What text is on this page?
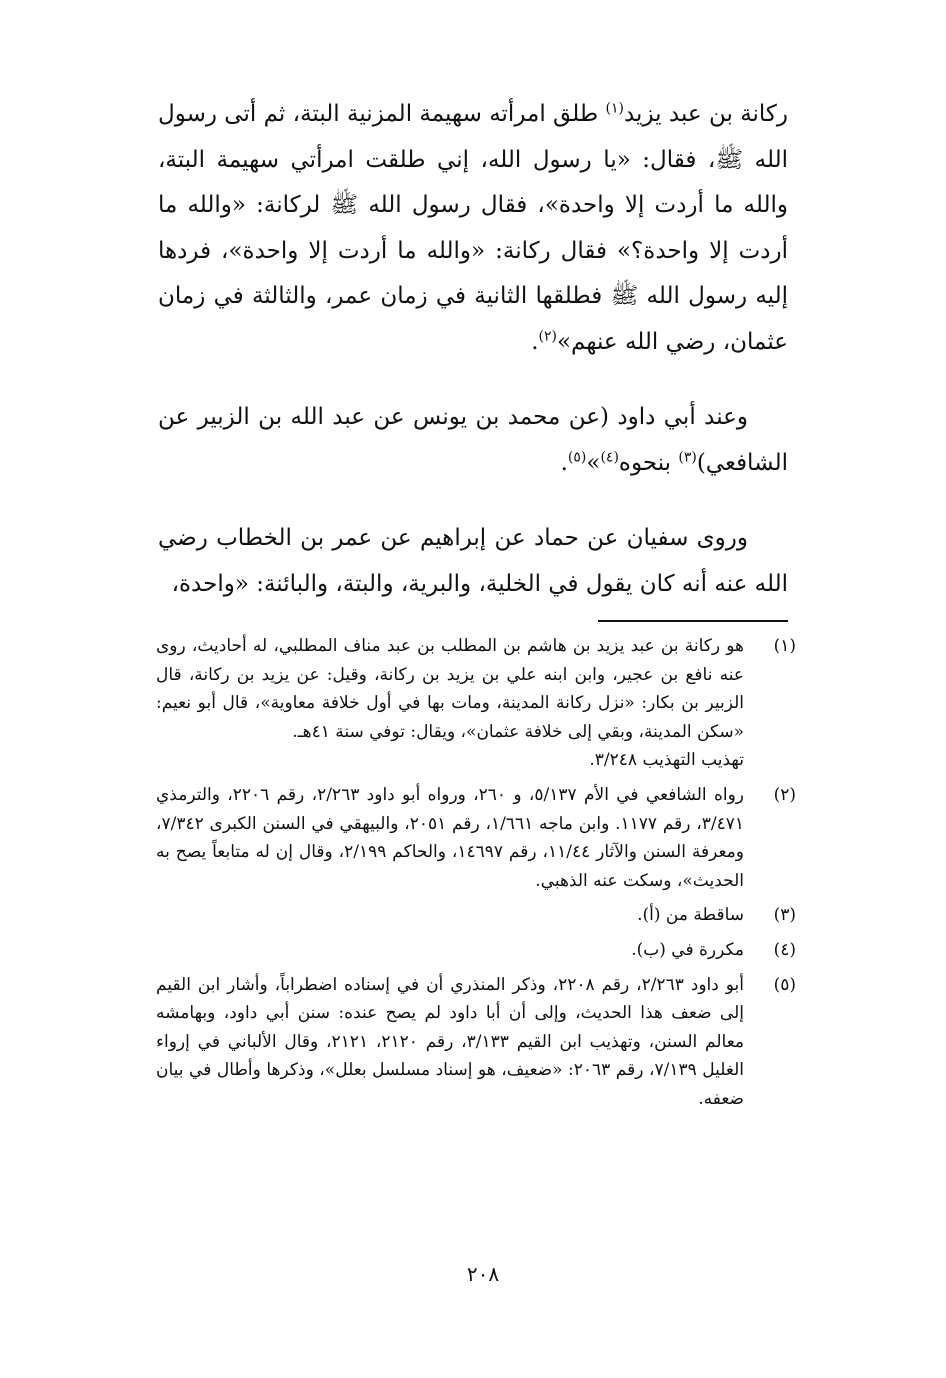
ركانة بن عبد يزيد$^{(١)}$ طلق امرأته سهيمة المزنية البتة، ثم أتى رسول الله ﷺ، فقال: «يا رسول الله، إني طلقت امرأتي سهيمة البتة، والله ما أردت إلا واحدة»، فقال رسول الله ﷺ لركانة: «والله ما أردت إلا واحدة؟» فقال ركانة: «والله ما أردت إلا واحدة»، فردها إليه رسول الله ﷺ فطلقها الثانية في زمان عمر، والثالثة في زمان عثمان، رضي الله عنهم»$^{(٢)}$.

وعند أبي داود (عن محمد بن يونس عن عبد الله بن الزبير عن الشافعي)$^{(٣)}$ بنحوه$^{(٤)}$»$^{(٥)}$.

وروى سفيان عن حماد عن إبراهيم عن عمر بن الخطاب رضي الله عنه أنه كان يقول في الخلية، والبرية، والبتة، والبائنة: «واحدة،

(١)
هو ركانة بن عبد يزيد بن هاشم بن المطلب بن عبد مناف المطلبي، له أحاديث، روى عنه نافع بن عجير، وابن ابنه علي بن يزيد بن ركانة، وقيل: عن يزيد بن ركانة، قال الزبير بن بكار: «نزل ركانة المدينة، ومات بها في أول خلافة معاوية»، قال أبو نعيم: «سكن المدينة، وبقي إلى خلافة عثمان»، ويقال: توفي سنة ٤١هـ.
تهذيب التهذيب ٣/٢٤٨.
(٢)
رواه الشافعي في الأم ٥/١٣٧، و ٢٦٠، ورواه أبو داود ٢/٢٦٣، رقم ٢٢٠٦، والترمذي ٣/٤٧١، رقم ١١٧٧. وابن ماجه ١/٦٦١، رقم ٢٠٥١، والبيهقي في السنن الكبرى ٧/٣٤٢، ومعرفة السنن والآثار ١١/٤٤، رقم ١٤٦٩٧، والحاكم ٢/١٩٩، وقال إن له متابعاً يصح به الحديث»، وسكت عنه الذهبي.
(٣)
ساقطة من (أ).
(٤)
مكررة في (ب).
(٥)
أبو داود ٢/٢٦٣، رقم ٢٢٠٨، وذكر المنذري أن في إسناده اضطراباً، وأشار ابن القيم إلى ضعف هذا الحديث، وإلى أن أبا داود لم يصح عنده: سنن أبي داود، وبهامشه معالم السنن، وتهذيب ابن القيم ٣/١٣٣، رقم ٢١٢٠، ٢١٢١، وقال الألباني في إرواء الغليل ٧/١٣٩، رقم ٢٠٦٣: «ضعيف، هو إسناد مسلسل بعلل»، وذكرها وأطال في بيان ضعفه.
٢٠٨
